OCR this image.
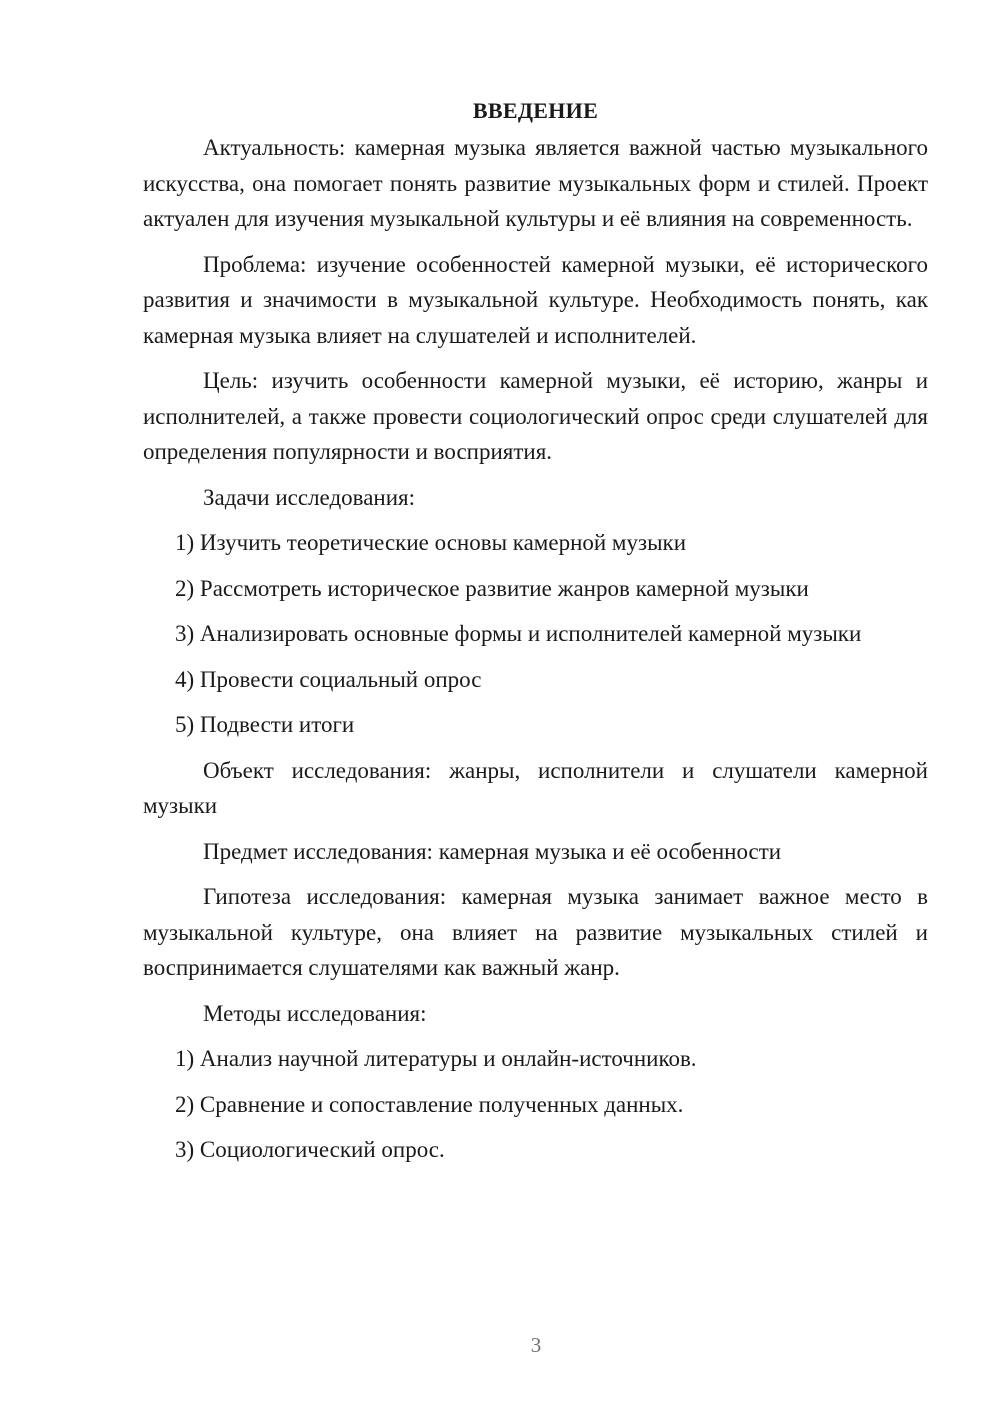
ВВЕДЕНИЕ

Актуальность: камерная музыка является важной частью музыкального искусства, она помогает понять развитие музыкальных форм и стилей. Проект актуален для изучения музыкальной культуры и её влияния на современность.

Проблема: изучение особенностей камерной музыки, её исторического развития и значимости в музыкальной культуре. Необходимость понять, как камерная музыка влияет на слушателей и исполнителей.

Цель: изучить особенности камерной музыки, её историю, жанры и исполнителей, а также провести социологический опрос среди слушателей для определения популярности и восприятия.

Задачи исследования:

1) Изучить теоретические основы камерной музыки

2) Рассмотреть историческое развитие жанров камерной музыки

3) Анализировать основные формы и исполнителей камерной музыки

4) Провести социальный опрос

5) Подвести итоги

Объект исследования: жанры, исполнители и слушатели камерной музыки

Предмет исследования: камерная музыка и её особенности

Гипотеза исследования: камерная музыка занимает важное место в музыкальной культуре, она влияет на развитие музыкальных стилей и воспринимается слушателями как важный жанр.

Методы исследования:

1) Анализ научной литературы и онлайн-источников.

2) Сравнение и сопоставление полученных данных.

3) Социологический опрос.

3
